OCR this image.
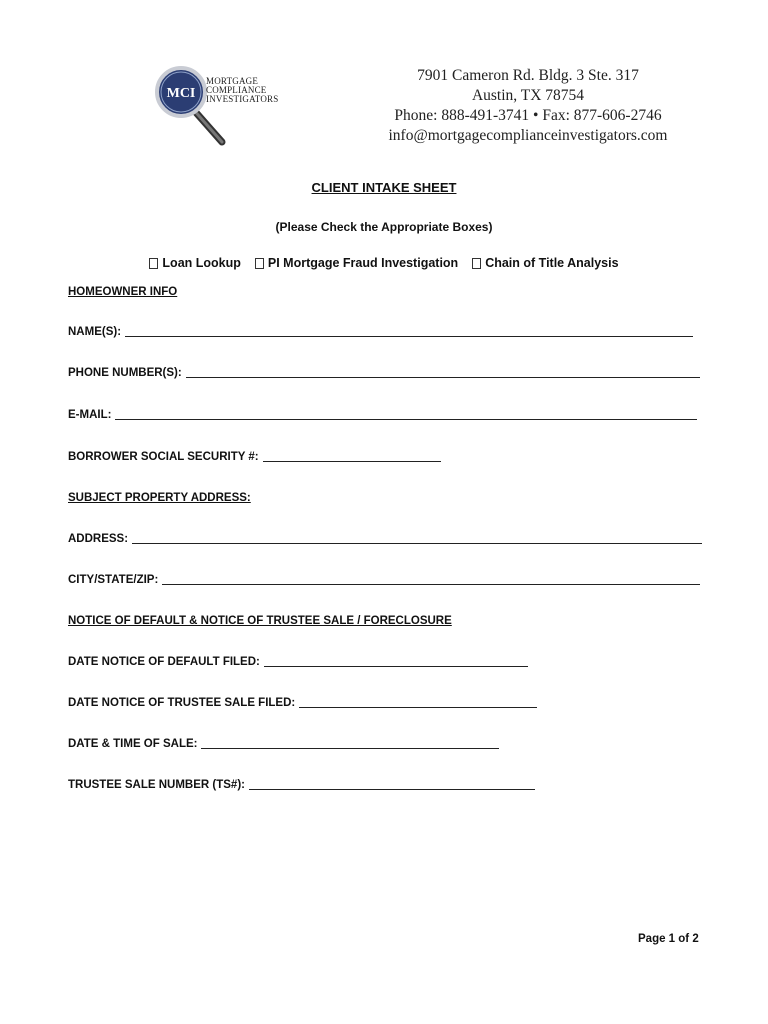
MCI
MORTGAGE
COMPLIANCE
INVESTIGATORS
7901 Cameron Rd. Bldg. 3 Ste. 317
Austin, TX 78754
Phone: 888-491-3741 • Fax: 877-606-2746
info@mortgagecomplianceinvestigators.com
CLIENT INTAKE SHEET
(Please Check the Appropriate Boxes)
Loan Lookup PI Mortgage Fraud Investigation Chain of Title Analysis
HOMEOWNER INFO
NAME(S):
PHONE NUMBER(S):
E-MAIL:
BORROWER SOCIAL SECURITY #:
SUBJECT PROPERTY ADDRESS:
ADDRESS:
CITY/STATE/ZIP:
NOTICE OF DEFAULT & NOTICE OF TRUSTEE SALE / FORECLOSURE
DATE NOTICE OF DEFAULT FILED:
DATE NOTICE OF TRUSTEE SALE FILED:
DATE & TIME OF SALE:
TRUSTEE SALE NUMBER (TS#):
Page 1 of 2
